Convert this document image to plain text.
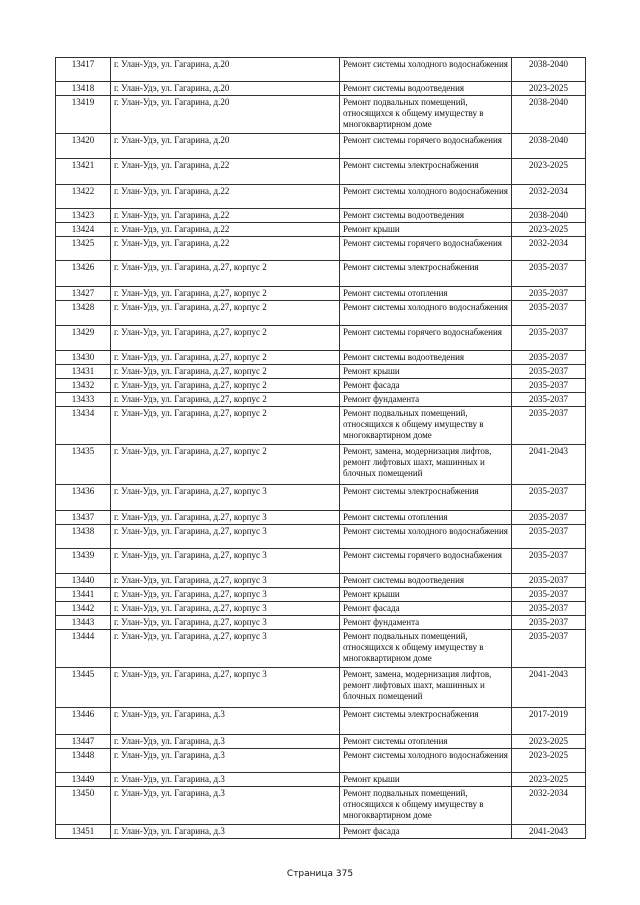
13417	г. Улан-Удэ, ул. Гагарина, д.20	Ремонт системы холодного водоснабжения	2038-2040
13418	г. Улан-Удэ, ул. Гагарина, д.20	Ремонт системы водоотведения	2023-2025
13419	г. Улан-Удэ, ул. Гагарина, д.20	Ремонт подвальных помещений, относящихся к общему имуществу в многоквартирном доме	2038-2040
13420	г. Улан-Удэ, ул. Гагарина, д.20	Ремонт системы горячего водоснабжения	2038-2040
13421	г. Улан-Удэ, ул. Гагарина, д.22	Ремонт системы электроснабжения	2023-2025
13422	г. Улан-Удэ, ул. Гагарина, д.22	Ремонт системы холодного водоснабжения	2032-2034
13423	г. Улан-Удэ, ул. Гагарина, д.22	Ремонт системы водоотведения	2038-2040
13424	г. Улан-Удэ, ул. Гагарина, д.22	Ремонт крыши	2023-2025
13425	г. Улан-Удэ, ул. Гагарина, д.22	Ремонт системы горячего водоснабжения	2032-2034
13426	г. Улан-Удэ, ул. Гагарина, д.27, корпус 2	Ремонт системы электроснабжения	2035-2037
13427	г. Улан-Удэ, ул. Гагарина, д.27, корпус 2	Ремонт системы отопления	2035-2037
13428	г. Улан-Удэ, ул. Гагарина, д.27, корпус 2	Ремонт системы холодного водоснабжения	2035-2037
13429	г. Улан-Удэ, ул. Гагарина, д.27, корпус 2	Ремонт системы горячего водоснабжения	2035-2037
13430	г. Улан-Удэ, ул. Гагарина, д.27, корпус 2	Ремонт системы водоотведения	2035-2037
13431	г. Улан-Удэ, ул. Гагарина, д.27, корпус 2	Ремонт крыши	2035-2037
13432	г. Улан-Удэ, ул. Гагарина, д.27, корпус 2	Ремонт фасада	2035-2037
13433	г. Улан-Удэ, ул. Гагарина, д.27, корпус 2	Ремонт фундамента	2035-2037
13434	г. Улан-Удэ, ул. Гагарина, д.27, корпус 2	Ремонт подвальных помещений, относящихся к общему имуществу в многоквартирном доме	2035-2037
13435	г. Улан-Удэ, ул. Гагарина, д.27, корпус 2	Ремонт, замена, модернизация лифтов, ремонт лифтовых шахт, машинных и блочных помещений	2041-2043
13436	г. Улан-Удэ, ул. Гагарина, д.27, корпус 3	Ремонт системы электроснабжения	2035-2037
13437	г. Улан-Удэ, ул. Гагарина, д.27, корпус 3	Ремонт системы отопления	2035-2037
13438	г. Улан-Удэ, ул. Гагарина, д.27, корпус 3	Ремонт системы холодного водоснабжения	2035-2037
13439	г. Улан-Удэ, ул. Гагарина, д.27, корпус 3	Ремонт системы горячего водоснабжения	2035-2037
13440	г. Улан-Удэ, ул. Гагарина, д.27, корпус 3	Ремонт системы водоотведения	2035-2037
13441	г. Улан-Удэ, ул. Гагарина, д.27, корпус 3	Ремонт крыши	2035-2037
13442	г. Улан-Удэ, ул. Гагарина, д.27, корпус 3	Ремонт фасада	2035-2037
13443	г. Улан-Удэ, ул. Гагарина, д.27, корпус 3	Ремонт фундамента	2035-2037
13444	г. Улан-Удэ, ул. Гагарина, д.27, корпус 3	Ремонт подвальных помещений, относящихся к общему имуществу в многоквартирном доме	2035-2037
13445	г. Улан-Удэ, ул. Гагарина, д.27, корпус 3	Ремонт, замена, модернизация лифтов, ремонт лифтовых шахт, машинных и блочных помещений	2041-2043
13446	г. Улан-Удэ, ул. Гагарина, д.3	Ремонт системы электроснабжения	2017-2019
13447	г. Улан-Удэ, ул. Гагарина, д.3	Ремонт системы отопления	2023-2025
13448	г. Улан-Удэ, ул. Гагарина, д.3	Ремонт системы холодного водоснабжения	2023-2025
13449	г. Улан-Удэ, ул. Гагарина, д.3	Ремонт крыши	2023-2025
13450	г. Улан-Удэ, ул. Гагарина, д.3	Ремонт подвальных помещений, относящихся к общему имуществу в многоквартирном доме	2032-2034
13451	г. Улан-Удэ, ул. Гагарина, д.3	Ремонт фасада	2041-2043
Страница 375
